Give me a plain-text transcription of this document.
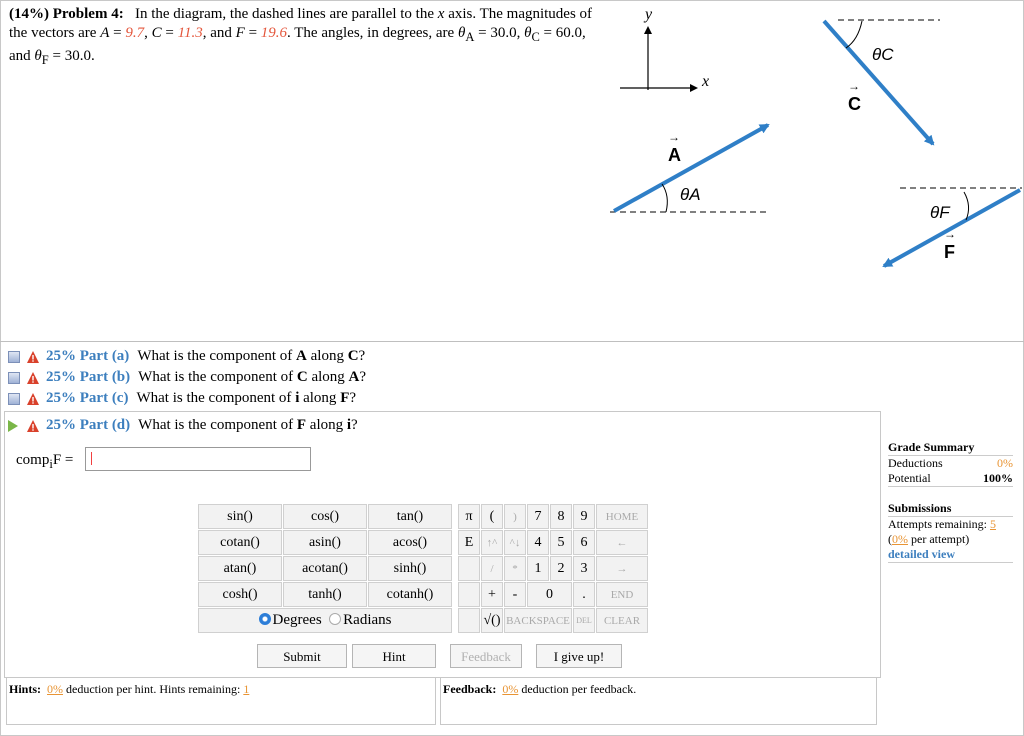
(14%) Problem 4: In the diagram, the dashed lines are parallel to the x axis. The magnitudes of the vectors are A = 9.7, C = 11.3, and F = 19.6. The angles, in degrees, are $\theta_A = 30.0$, $\theta_C = 60.0$, and $\theta_F = 30.0$.
y
x
θC
C
→
θA
A
→
θF
F
→
25% Part (a) What is the component of A along C?
25% Part (b) What is the component of C along A?
25% Part (c) What is the component of i along F?
25% Part (d) What is the component of F along i?
comp$_i$F =	|
sin()	cos()	tan()		π	(	)	7	8	9	HOME
cotan()	asin()	acos()		E	↑^	^↓	4	5	6	←
atan()	acotan()	sinh()			/	*	1	2	3	→
cosh()	tanh()	cotanh()			+	-	0		.	END
Degrees Radians					√()	BACKSPACE			DEL	CLEAR
Submit	Hint	Feedback	I give up!
Hints: 0% deduction per hint. Hints remaining: 1	Feedback: 0% deduction per feedback.
Grade Summary
Deductions	0%
Potential	100%
Submissions
Attempts remaining: 5
(0% per attempt)
detailed view
